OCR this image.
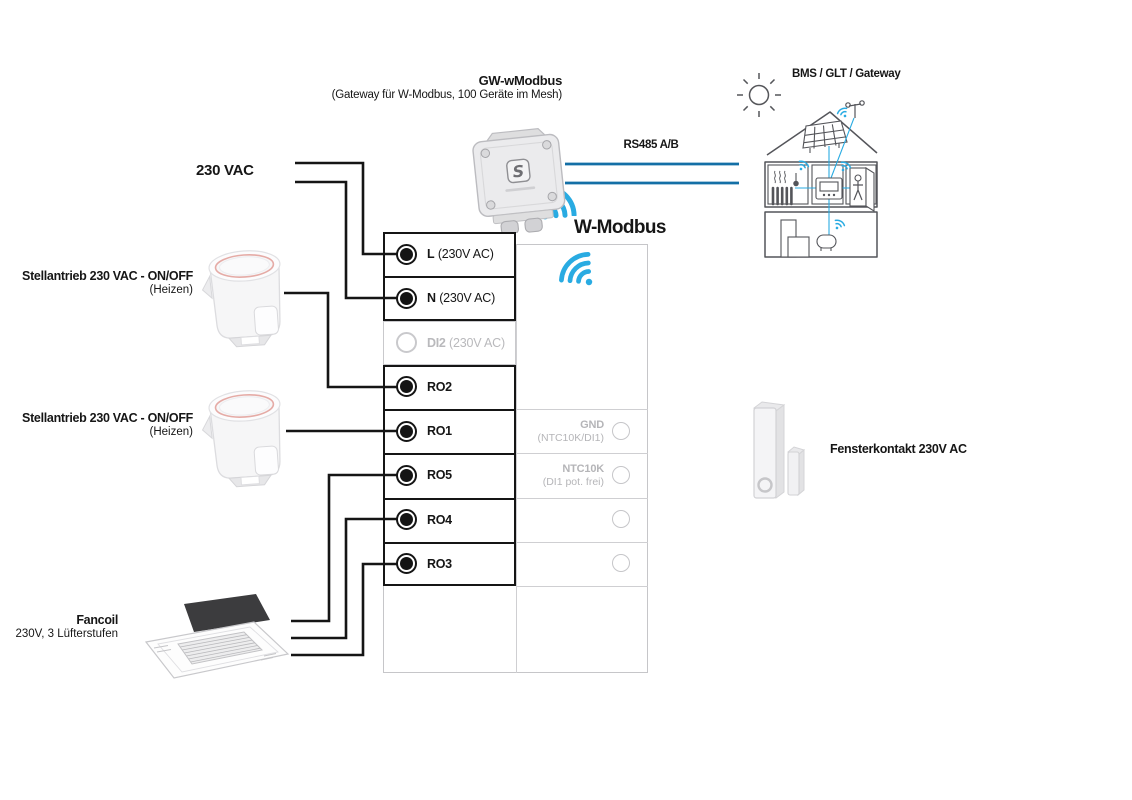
GW-wModbus
(Gateway für W-Modbus, 100 Geräte im Mesh)
S
RS485 A/B
W-Modbus
230 VAC
Stellantrieb 230 VAC - ON/OFF
(Heizen)
Stellantrieb 230 VAC - ON/OFF
(Heizen)
Fancoil
230V, 3 Lüfterstufen
Fensterkontakt 230V AC
BMS / GLT / Gateway
L (230V AC)
N (230V AC)
DI2 (230V AC)
RO2
RO1
RO5
RO4
RO3
GND
(NTC10K/DI1)
NTC10K
(DI1 pot. frei)
